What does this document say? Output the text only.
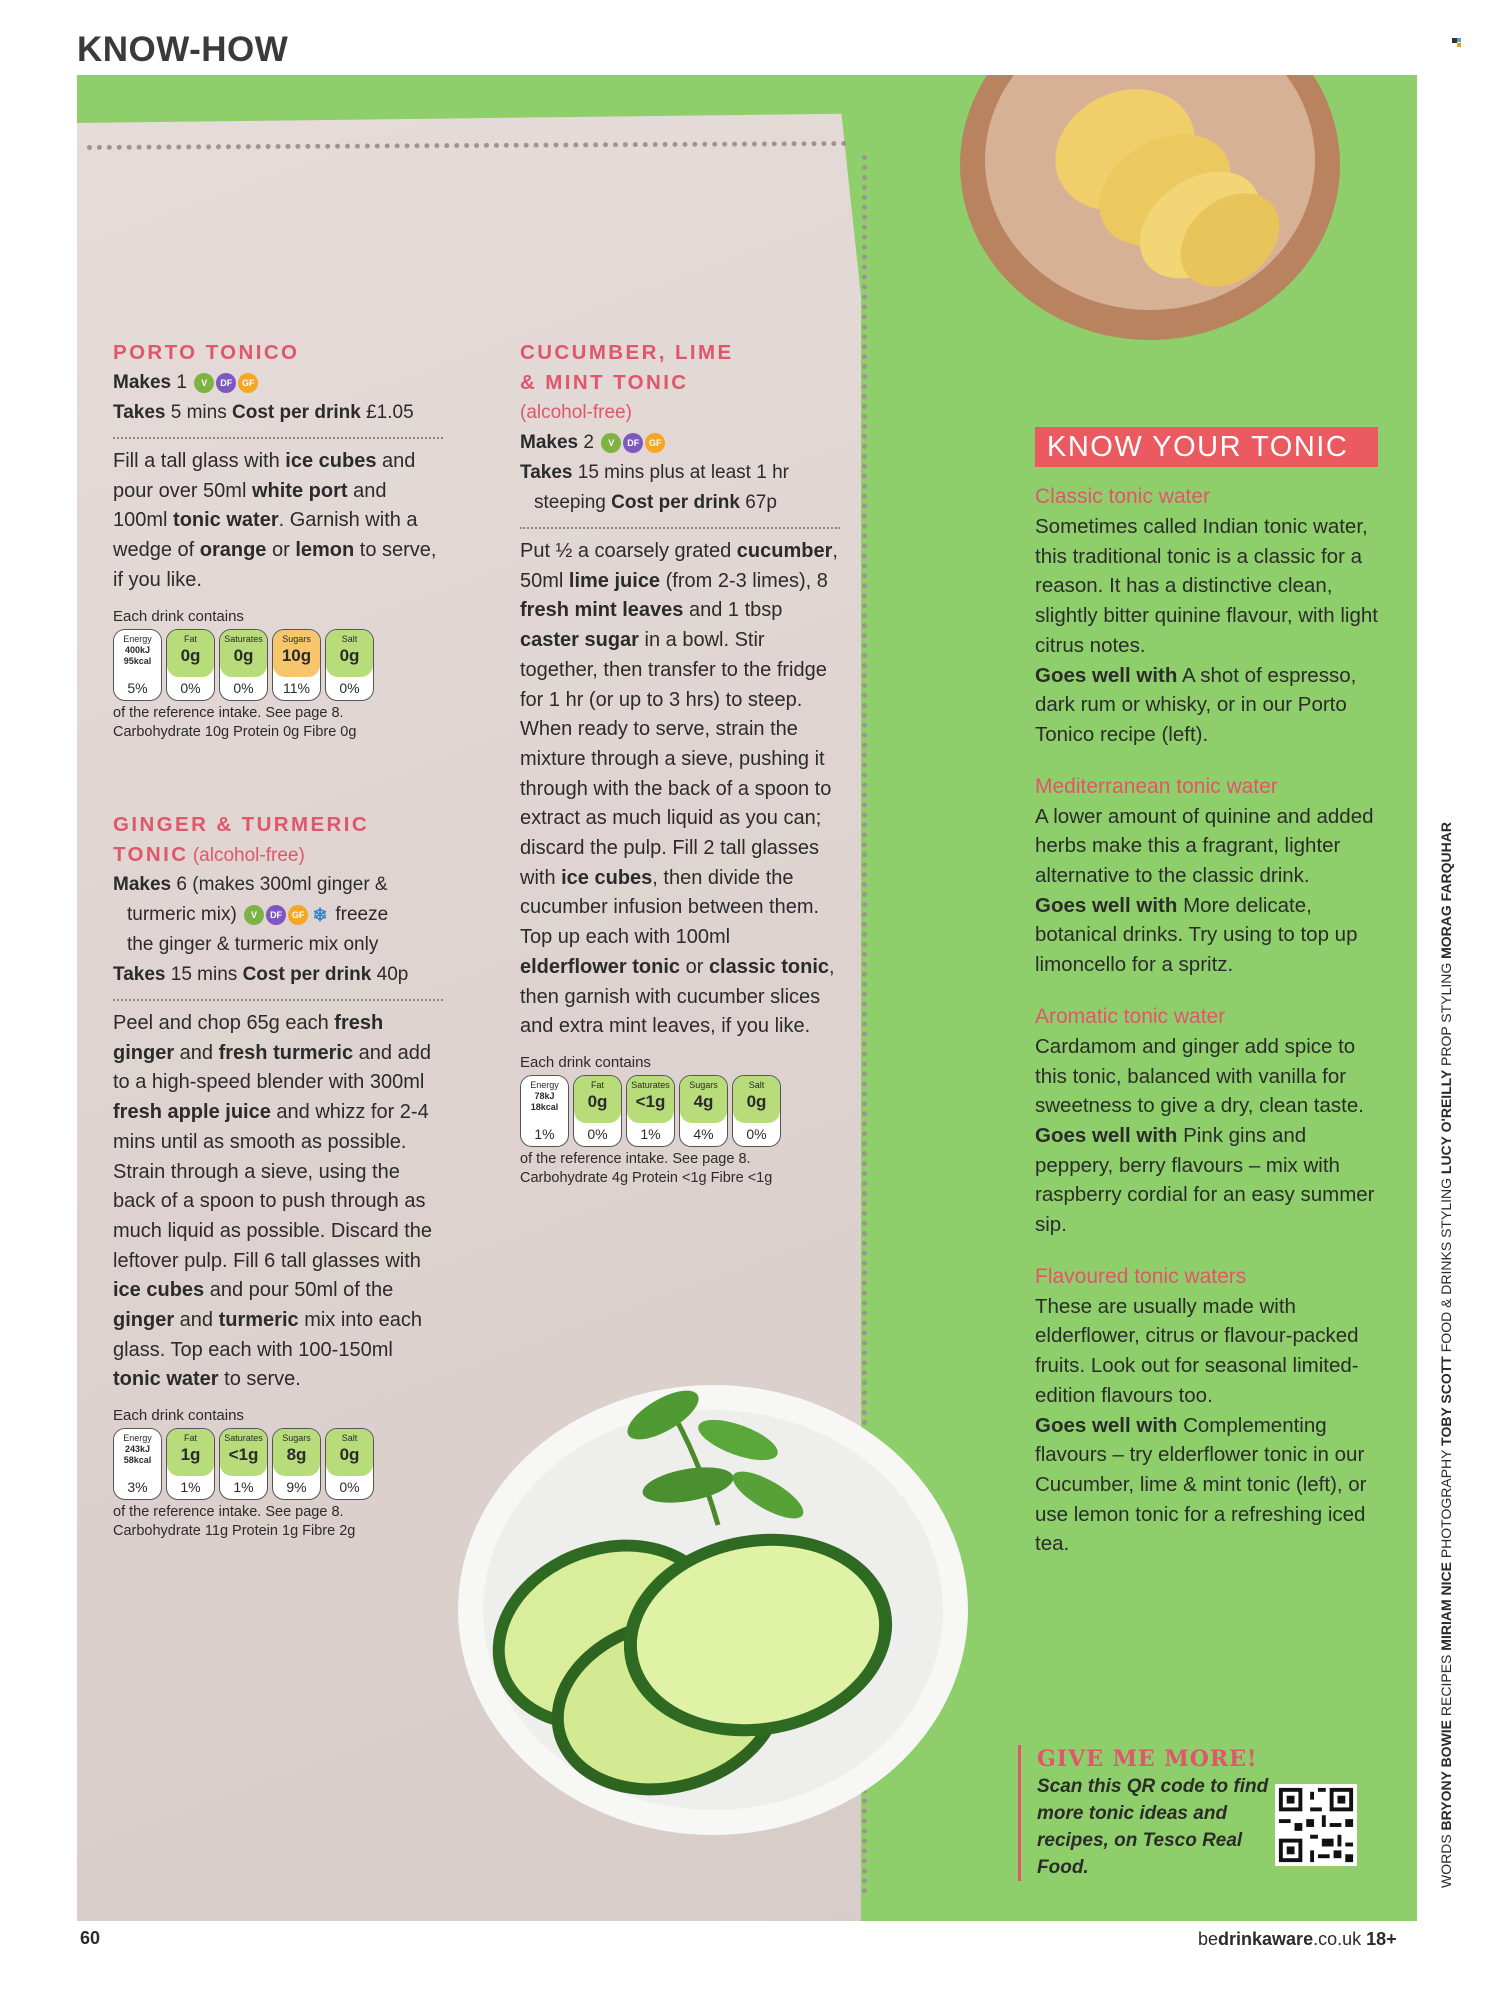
KNOW-HOW
PORTO TONICO
Makes 1 V DF GF
Takes 5 mins Cost per drink £1.05
Fill a tall glass with ice cubes and pour over 50ml white port and 100ml tonic water. Garnish with a wedge of orange or lemon to serve, if you like.
Each drink contains
Energy
400kJ
95kcal
5%
Fat
0g
0%
Saturates
0g
0%
Sugars
10g
11%
Salt
0g
0%
of the reference intake. See page 8.
Carbohydrate 10g Protein 0g Fibre 0g
GINGER & TURMERIC
TONIC (alcohol-free)
Makes 6 (makes 300ml ginger &
turmeric mix) V DF GF ❄ freeze
the ginger & turmeric mix only
Takes 15 mins Cost per drink 40p
Peel and chop 65g each fresh ginger and fresh turmeric and add to a high-speed blender with 300ml fresh apple juice and whizz for 2-4 mins until as smooth as possible. Strain through a sieve, using the back of a spoon to push through as much liquid as possible. Discard the leftover pulp. Fill 6 tall glasses with ice cubes and pour 50ml of the ginger and turmeric mix into each glass. Top each with 100-150ml tonic water to serve.
Each drink contains
Energy
243kJ
58kcal
3%
Fat
1g
1%
Saturates
<1g
1%
Sugars
8g
9%
Salt
0g
0%
of the reference intake. See page 8.
Carbohydrate 11g Protein 1g Fibre 2g
CUCUMBER, LIME
& MINT TONIC
(alcohol-free)
Makes 2 V DF GF
Takes 15 mins plus at least 1 hr
steeping Cost per drink 67p
Put ½ a coarsely grated cucumber, 50ml lime juice (from 2-3 limes), 8 fresh mint leaves and 1 tbsp caster sugar in a bowl. Stir together, then transfer to the fridge for 1 hr (or up to 3 hrs) to steep. When ready to serve, strain the mixture through a sieve, pushing it through with the back of a spoon to extract as much liquid as you can; discard the pulp. Fill 2 tall glasses with ice cubes, then divide the cucumber infusion between them. Top up each with 100ml elderflower tonic or classic tonic, then garnish with cucumber slices and extra mint leaves, if you like.
Each drink contains
Energy
78kJ
18kcal
1%
Fat
0g
0%
Saturates
<1g
1%
Sugars
4g
4%
Salt
0g
0%
of the reference intake. See page 8.
Carbohydrate 4g Protein <1g Fibre <1g
KNOW YOUR TONIC
Classic tonic water
Sometimes called Indian tonic water, this traditional tonic is a classic for a reason. It has a distinctive clean, slightly bitter quinine flavour, with light citrus notes.
Goes well with A shot of espresso, dark rum or whisky, or in our Porto Tonico recipe (left).
Mediterranean tonic water
A lower amount of quinine and added herbs make this a fragrant, lighter alternative to the classic drink.
Goes well with More delicate, botanical drinks. Try using to top up limoncello for a spritz.
Aromatic tonic water
Cardamom and ginger add spice to this tonic, balanced with vanilla for sweetness to give a dry, clean taste.
Goes well with Pink gins and peppery, berry flavours – mix with raspberry cordial for an easy summer sip.
Flavoured tonic waters
These are usually made with elderflower, citrus or flavour-packed fruits. Look out for seasonal limited-edition flavours too.
Goes well with Complementing flavours – try elderflower tonic in our Cucumber, lime & mint tonic (left), or use lemon tonic for a refreshing iced tea.
GIVE ME MORE!
Scan this QR code to find more tonic ideas and recipes, on Tesco Real Food.	WORDS BRYONY BOWIE RECIPES MIRIAM NICE PHOTOGRAPHY TOBY SCOTT FOOD & DRINKS STYLING LUCY O'REILLY PROP STYLING MORAG FARQUHAR
60	bedrinkaware.co.uk 18+
